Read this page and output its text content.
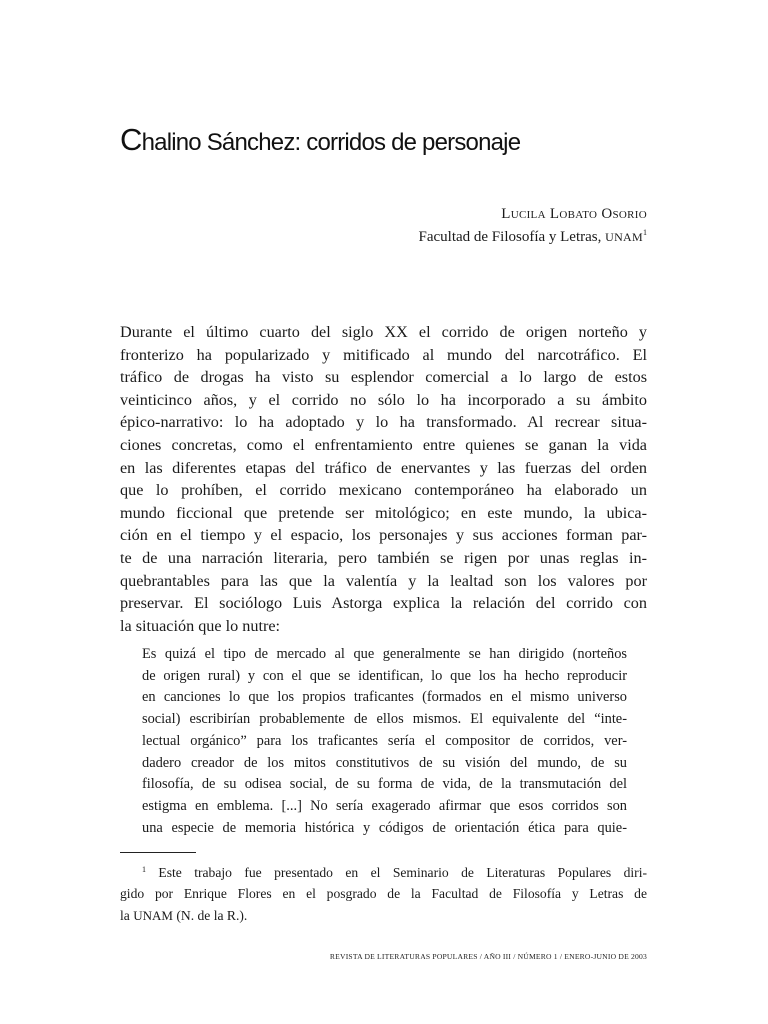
Chalino Sánchez: corridos de personaje
Lucila Lobato Osorio
Facultad de Filosofía y Letras, UNAM$^1$
Durante el último cuarto del siglo XX el corrido de origen norteño y
fronterizo ha popularizado y mitificado al mundo del narcotráfico. El
tráfico de drogas ha visto su esplendor comercial a lo largo de estos
veinticinco años, y el corrido no sólo lo ha incorporado a su ámbito
épico-narrativo: lo ha adoptado y lo ha transformado. Al recrear situa-
ciones concretas, como el enfrentamiento entre quienes se ganan la vida
en las diferentes etapas del tráfico de enervantes y las fuerzas del orden
que lo prohíben, el corrido mexicano contemporáneo ha elaborado un
mundo ficcional que pretende ser mitológico; en este mundo, la ubica-
ción en el tiempo y el espacio, los personajes y sus acciones forman par-
te de una narración literaria, pero también se rigen por unas reglas in-
quebrantables para las que la valentía y la lealtad son los valores por
preservar. El sociólogo Luis Astorga explica la relación del corrido con
la situación que lo nutre:
Es quizá el tipo de mercado al que generalmente se han dirigido (norteños
de origen rural) y con el que se identifican, lo que los ha hecho reproducir
en canciones lo que los propios traficantes (formados en el mismo universo
social) escribirían probablemente de ellos mismos. El equivalente del “inte-
lectual orgánico” para los traficantes sería el compositor de corridos, ver-
dadero creador de los mitos constitutivos de su visión del mundo, de su
filosofía, de su odisea social, de su forma de vida, de la transmutación del
estigma en emblema. [...] No sería exagerado afirmar que esos corridos son
una especie de memoria histórica y códigos de orientación ética para quie-
$^1$ Este trabajo fue presentado en el Seminario de Literaturas Populares diri-
gido por Enrique Flores en el posgrado de la Facultad de Filosofía y Letras de
la UNAM (N. de la R.).
REVISTA DE LITERATURAS POPULARES / AÑO III / NÚMERO 1 / ENERO-JUNIO DE 2003
